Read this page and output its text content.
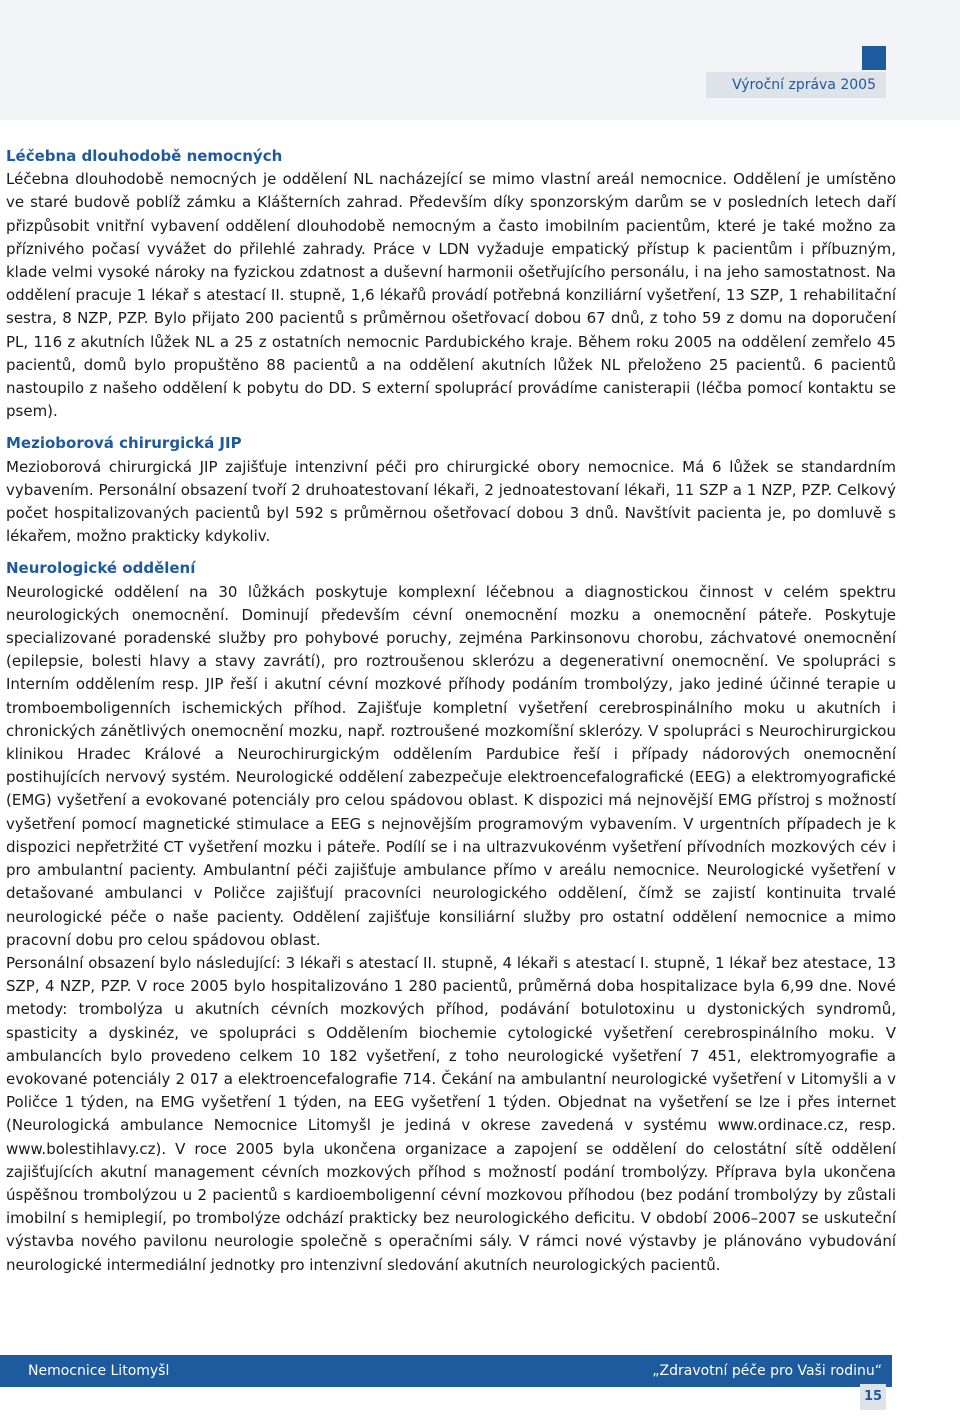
Výroční zpráva 2005
Léčebna dlouhodobě nemocných

Léčebna dlouhodobě nemocných je oddělení NL nacházející se mimo vlastní areál nemocnice. Oddělení je umístěno ve staré budově poblíž zámku a Klášterních zahrad. Především díky sponzorským darům se v posledních letech daří přizpůsobit vnitřní vybavení oddělení dlouhodobě nemocným a často imobilním pacientům, které je také možno za příznivého počasí vyvážet do přilehlé zahrady. Práce v LDN vyžaduje empatický přístup k pacientům i příbuzným, klade velmi vysoké nároky na fyzickou zdatnost a duševní harmonii ošetřujícího personálu, i na jeho samostatnost. Na oddělení pracuje 1 lékař s atestací II. stupně, 1,6 lékařů provádí potřebná konziliární vyšetření, 13 SZP, 1 rehabilitační sestra, 8 NZP, PZP. Bylo přijato 200 pacientů s průměrnou ošetřovací dobou 67 dnů, z toho 59 z domu na doporučení PL, 116 z akutních lůžek NL a 25 z ostatních nemocnic Pardubického kraje. Během roku 2005 na oddělení zemřelo 45 pacientů, domů bylo propuštěno 88 pacientů a na oddělení akutních lůžek NL přeloženo 25 pacientů. 6 pacientů nastoupilo z našeho oddělení k pobytu do DD. S externí spoluprácí provádíme canisterapii (léčba pomocí kontaktu se psem).

Mezioborová chirurgická JIP

Mezioborová chirurgická JIP zajišťuje intenzivní péči pro chirurgické obory nemocnice. Má 6 lůžek se standardním vybavením. Personální obsazení tvoří 2 druhoatestovaní lékaři, 2 jednoatestovaní lékaři, 11 SZP a 1 NZP, PZP. Celkový počet hospitalizovaných pacientů byl 592 s průměrnou ošetřovací dobou 3 dnů. Navštívit pacienta je, po domluvě s lékařem, možno prakticky kdykoliv.

Neurologické oddělení

Neurologické oddělení na 30 lůžkách poskytuje komplexní léčebnou a diagnostickou činnost v celém spektru neurologických onemocnění. Dominují především cévní onemocnění mozku a onemocnění páteře. Poskytuje specializované poradenské služby pro pohybové poruchy, zejména Parkinsonovu chorobu, záchvatové onemocnění (epilepsie, bolesti hlavy a stavy zavrátí), pro roztroušenou sklerózu a degenerativní onemocnění. Ve spolupráci s Interním oddělením resp. JIP řeší i akutní cévní mozkové příhody podáním trombolýzy, jako jediné účinné terapie u tromboemboligenních ischemických příhod. Zajišťuje kompletní vyšetření cerebrospinálního moku u akutních i chronických zánětlivých onemocnění mozku, např. roztroušené mozkomíšní sklerózy. V spolupráci s Neurochirurgickou klinikou Hradec Králové a Neurochirurgickým oddělením Pardubice řeší i případy nádorových onemocnění postihujících nervový systém. Neurologické oddělení zabezpečuje elektroencefalografické (EEG) a elektromyografické (EMG) vyšetření a evokované potenciály pro celou spádovou oblast. K dispozici má nejnovější EMG přístroj s možností vyšetření pomocí magnetické stimulace a EEG s nejnovějším programovým vybavením. V urgentních případech je k dispozici nepřetržité CT vyšetření mozku i páteře. Podílí se i na ultrazvukovénm vyšetření přívodních mozkových cév i pro ambulantní pacienty. Ambulantní péči zajišťuje ambulance přímo v areálu nemocnice. Neurologické vyšetření v detašované ambulanci v Poličce zajišťují pracovníci neurologického oddělení, čímž se zajistí kontinuita trvalé neurologické péče o naše pacienty. Oddělení zajišťuje konsiliární služby pro ostatní oddělení nemocnice a mimo pracovní dobu pro celou spádovou oblast.

Personální obsazení bylo následující: 3 lékaři s atestací II. stupně, 4 lékaři s atestací I. stupně, 1 lékař bez atestace, 13 SZP, 4 NZP, PZP. V roce 2005 bylo hospitalizováno 1 280 pacientů, průměrná doba hospitalizace byla 6,99 dne. Nové metody: trombolýza u akutních cévních mozkových příhod, podávání botulotoxinu u dystonických syndromů, spasticity a dyskinéz, ve spolupráci s Oddělením biochemie cytologické vyšetření cerebrospinálního moku. V ambulancích bylo provedeno celkem 10 182 vyšetření, z toho neurologické vyšetření 7 451, elektromyografie a evokované potenciály 2 017 a elektroencefalografie 714. Čekání na ambulantní neurologické vyšetření v Litomyšli a v Poličce 1 týden, na EMG vyšetření 1 týden, na EEG vyšetření 1 týden. Objednat na vyšetření se lze i přes internet (Neurologická ambulance Nemocnice Litomyšl je jediná v okrese zavedená v systému www.ordinace.cz, resp. www.bolestihlavy.cz). V roce 2005 byla ukončena organizace a zapojení se oddělení do celostátní sítě oddělení zajišťujících akutní management cévních mozkových příhod s možností podání trombolýzy. Příprava byla ukončena úspěšnou trombolýzou u 2 pacientů s kardioemboligenní cévní mozkovou příhodou (bez podání trombolýzy by zůstali imobilní s hemiplegií, po trombolýze odchází prakticky bez neurologického deficitu. V období 2006–2007 se uskuteční výstavba nového pavilonu neurologie společně s operačními sály. V rámci nové výstavby je plánováno vybudování neurologické intermediální jednotky pro intenzivní sledování akutních neurologických pacientů.

Nemocnice Litomyšl	„Zdravotní péče pro Vaši rodinu“
15
